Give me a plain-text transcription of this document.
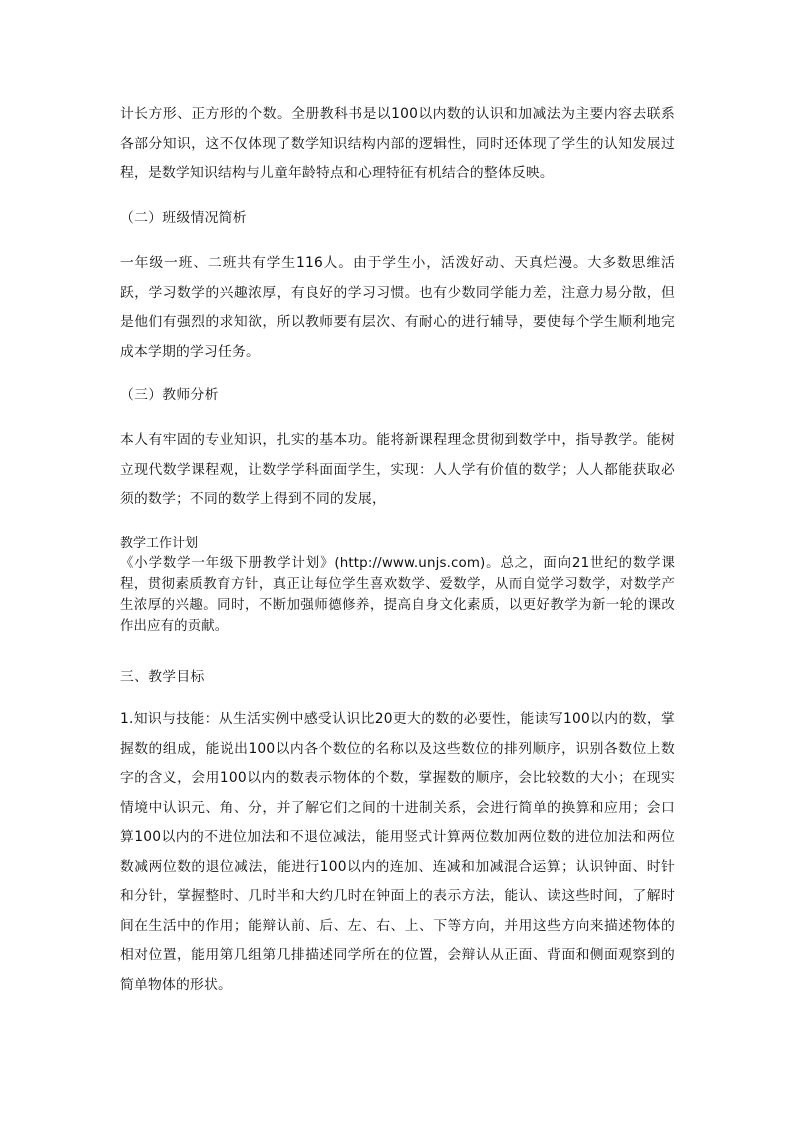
计长方形、正方形的个数。全册教科书是以100以内数的认识和加减法为主要内容去联系各部分知识，这不仅体现了数学知识结构内部的逻辑性，同时还体现了学生的认知发展过程，是数学知识结构与儿童年龄特点和心理特征有机结合的整体反映。

（二）班级情况简析

一年级一班、二班共有学生116人。由于学生小，活泼好动、天真烂漫。大多数思维活跃，学习数学的兴趣浓厚，有良好的学习习惯。也有少数同学能力差，注意力易分散，但是他们有强烈的求知欲，所以教师要有层次、有耐心的进行辅导，要使每个学生顺利地完成本学期的学习任务。

（三）教师分析

本人有牢固的专业知识，扎实的基本功。能将新课程理念贯彻到数学中，指导教学。能树立现代数学课程观，让数学学科面面学生，实现：人人学有价值的数学；人人都能获取必须的数学；不同的数学上得到不同的发展，

教学工作计划

《小学数学一年级下册教学计划》(http://www.unjs.com)。总之，面向21世纪的数学课程，贯彻素质教育方针，真正让每位学生喜欢数学、爱数学，从而自觉学习数学，对数学产生浓厚的兴趣。同时，不断加强师德修养，提高自身文化素质，以更好教学为新一轮的课改作出应有的贡献。

三、教学目标

1.知识与技能：从生活实例中感受认识比20更大的数的必要性，能读写100以内的数，掌握数的组成，能说出100以内各个数位的名称以及这些数位的排列顺序，识别各数位上数字的含义，会用100以内的数表示物体的个数，掌握数的顺序，会比较数的大小；在现实情境中认识元、角、分，并了解它们之间的十进制关系，会进行简单的换算和应用；会口算100以内的不进位加法和不退位减法，能用竖式计算两位数加两位数的进位加法和两位数减两位数的退位减法，能进行100以内的连加、连减和加减混合运算；认识钟面、时针和分针，掌握整时、几时半和大约几时在钟面上的表示方法，能认、读这些时间，了解时间在生活中的作用；能辩认前、后、左、右、上、下等方向，并用这些方向来描述物体的相对位置，能用第几组第几排描述同学所在的位置，会辩认从正面、背面和侧面观察到的简单物体的形状。
